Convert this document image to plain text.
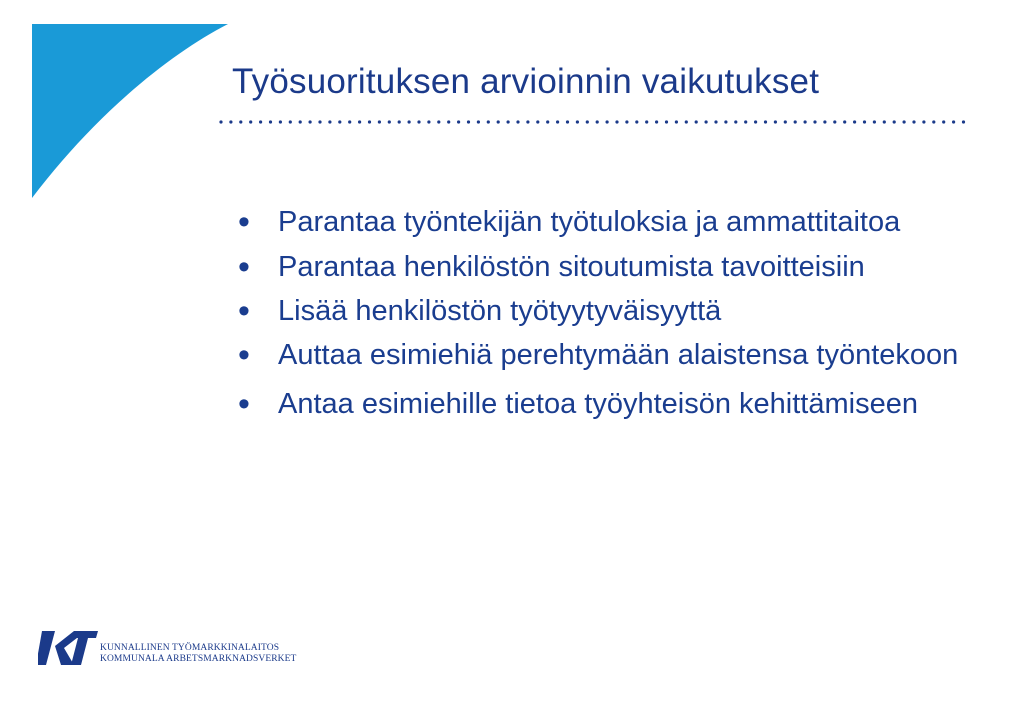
Työsuorituksen arvioinnin vaikutukset
• Parantaa työntekijän työtuloksia ja ammattitaitoa
• Parantaa henkilöstön sitoutumista tavoitteisiin
• Lisää henkilöstön työtyytyväisyyttä
• Auttaa esimiehiä perehtymään alaistensa työntekoon
• Antaa esimiehille tietoa työyhteisön kehittämiseen
KUNNALLINEN TYÖMARKKINALAITOS
KOMMUNALA ARBETSMARKNADSVERKET
